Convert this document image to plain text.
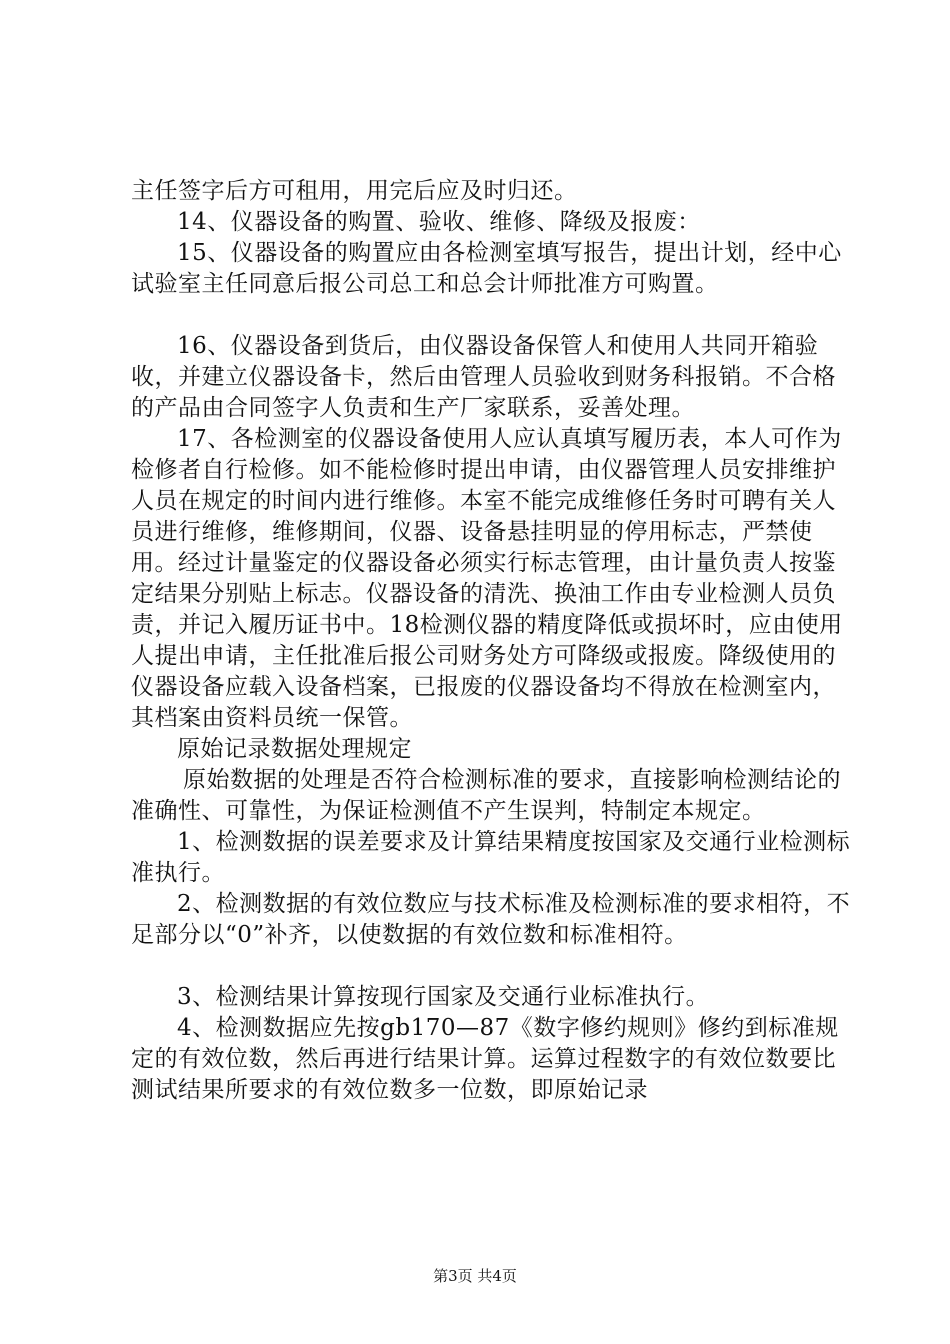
主任签字后方可租用，用完后应及时归还。

14、仪器设备的购置、验收、维修、降级及报废：

15、仪器设备的购置应由各检测室填写报告，提出计划，经中心试验室主任同意后报公司总工和总会计师批准方可购置。

16、仪器设备到货后，由仪器设备保管人和使用人共同开箱验收，并建立仪器设备卡，然后由管理人员验收到财务科报销。不合格的产品由合同签字人负责和生产厂家联系，妥善处理。

17、各检测室的仪器设备使用人应认真填写履历表，本人可作为检修者自行检修。如不能检修时提出申请，由仪器管理人员安排维护人员在规定的时间内进行维修。本室不能完成维修任务时可聘有关人员进行维修，维修期间，仪器、设备悬挂明显的停用标志，严禁使用。经过计量鉴定的仪器设备必须实行标志管理，由计量负责人按鉴定结果分别贴上标志。仪器设备的清洗、换油工作由专业检测人员负责，并记入履历证书中。18检测仪器的精度降低或损坏时，应由使用人提出申请，主任批准后报公司财务处方可降级或报废。降级使用的仪器设备应载入设备档案，已报废的仪器设备均不得放在检测室内，其档案由资料员统一保管。

原始记录数据处理规定

原始数据的处理是否符合检测标准的要求，直接影响检测结论的准确性、可靠性，为保证检测值不产生误判，特制定本规定。

1、检测数据的误差要求及计算结果精度按国家及交通行业检测标准执行。

2、检测数据的有效位数应与技术标准及检测标准的要求相符，不足部分以“0”补齐，以使数据的有效位数和标准相符。

3、检测结果计算按现行国家及交通行业标准执行。

4、检测数据应先按gb170—87《数字修约规则》修约到标准规定的有效位数，然后再进行结果计算。运算过程数字的有效位数要比测试结果所要求的有效位数多一位数，即原始记录

第3页 共4页
